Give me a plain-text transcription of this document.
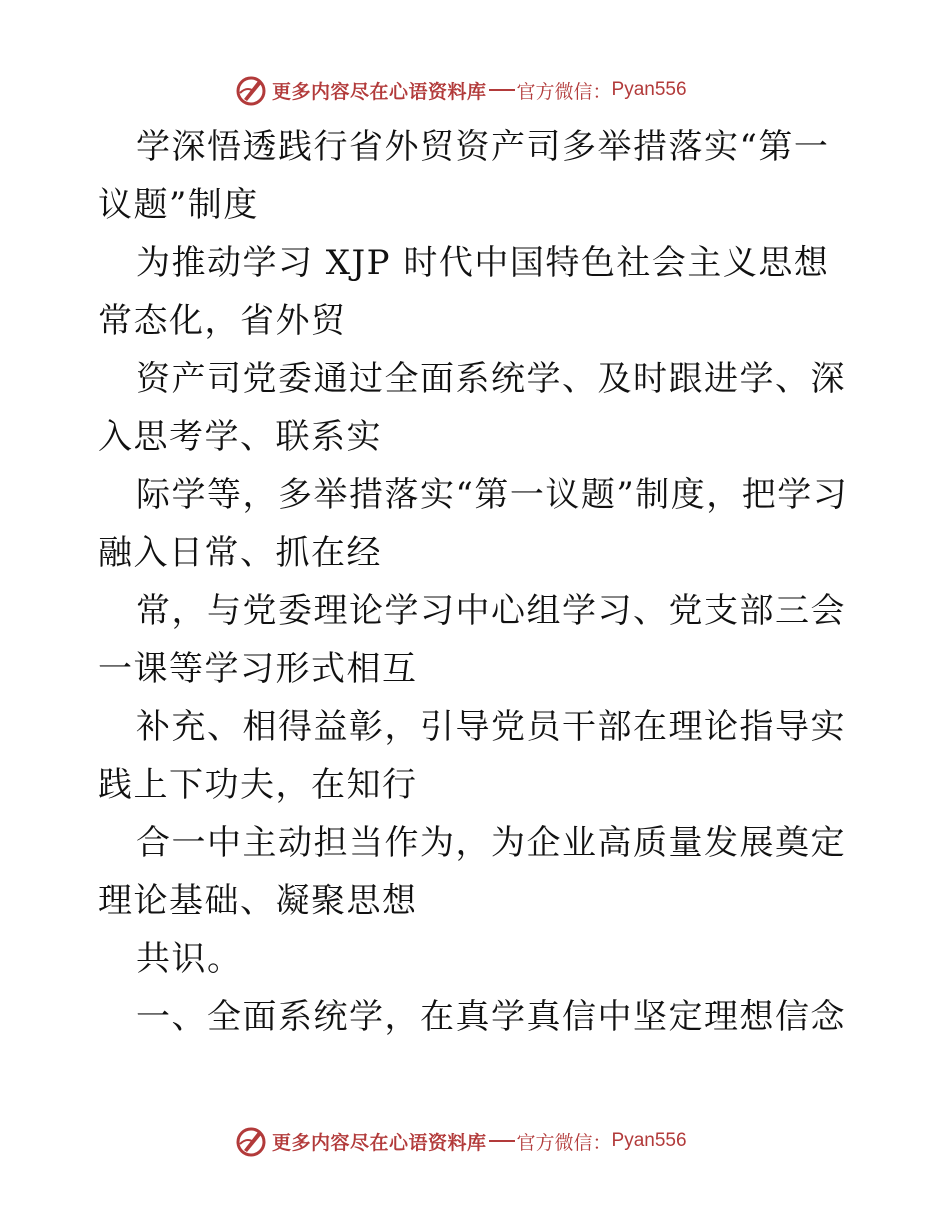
更多内容尽在心语资料库 官方微信： Pyan556

学深悟透践行省外贸资产司多举措落实“第一议题”制度

为推动学习 XJP 时代中国特色社会主义思想常态化，省外贸

资产司党委通过全面系统学、及时跟进学、深入思考学、联系实

际学等，多举措落实“第一议题”制度，把学习融入日常、抓在经

常，与党委理论学习中心组学习、党支部三会一课等学习形式相互

补充、相得益彰，引导党员干部在理论指导实践上下功夫，在知行

合一中主动担当作为，为企业高质量发展奠定理论基础、凝聚思想

共识。

一、全面系统学，在真学真信中坚定理想信念

更多内容尽在心语资料库 官方微信： Pyan556
